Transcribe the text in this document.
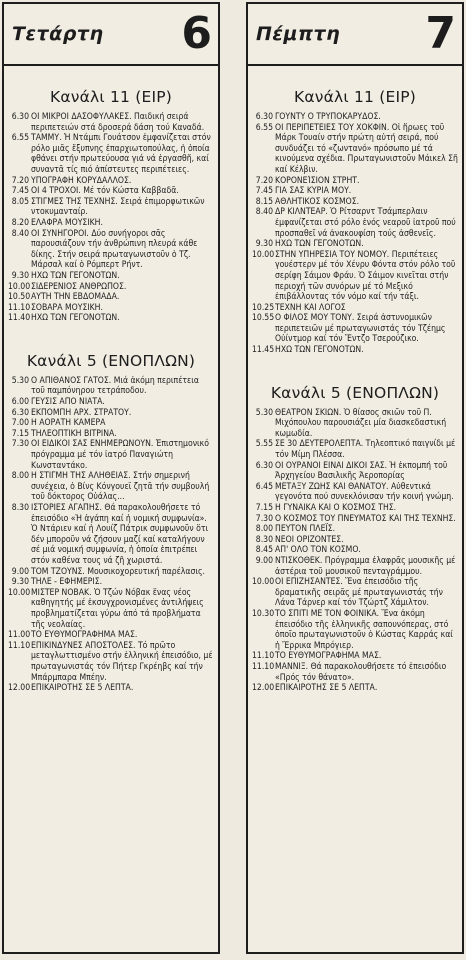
Τετάρτη 6
Κανάλι 11 (ΕΙΡ)
6.30 ΟΙ ΜΙΚΡΟΙ ΔΑΣΟΦΥΛΑΚΕΣ. Παιδική σειρά περιπετειών στά δροσερά δάση τού Καναδά.
6.55 ΤΑΜΜΥ. Ἡ Ντάμπι Γουάτσον ἐμφανίζεται στόν ρόλο μιᾶς ἔξυπνης ἐπαρχιωτοπούλας, ἡ ὁποία φθάνει στήν πρωτεύουσα γιά νά ἐργασθῆ, καί συναντᾶ τίς πιό ἀπίστευτες περιπέτειες.
7.20 ΥΠΟΓΡΑΦΗ ΚΟΡΥΔΑΛΛΟΣ.
7.45 ΟΙ 4 ΤΡΟΧΟΙ. Μέ τόν Κώστα Καββαδᾶ.
8.05 ΣΤΙΓΜΕΣ ΤΗΣ ΤΕΧΝΗΣ. Σειρά ἐπιμορφωτικῶν ντοκυμανταίρ.
8.20 ΕΛΑΦΡΑ ΜΟΥΣΙΚΗ.
8.40 ΟΙ ΣΥΝΗΓΟΡΟΙ. Δύο συνήγοροι σᾶς παρουσιάζουν τήν ἀνθρώπινη πλευρά κάθε δίκης. Στήν σειρά πρωταγωνιστοῦν ὁ Τζ. Μάρσαλ καί ὁ Ρόμπερτ Ρήντ.
9.30 ΗΧΩ ΤΩΝ ΓΕΓΟΝΟΤΩΝ.
10.00 ΣΙΔΕΡΕΝΙΟΣ ΑΝΘΡΩΠΟΣ.
10.50 ΑΥΤΗ ΤΗΝ ΕΒΔΟΜΑΔΑ.
11.10 ΣΟΒΑΡΑ ΜΟΥΣΙΚΗ.
11.40 ΗΧΩ ΤΩΝ ΓΕΓΟΝΟΤΩΝ.
Κανάλι 5 (ΕΝΟΠΛΩΝ)
5.30 Ο ΑΠΙΘΑΝΟΣ ΓΑΤΟΣ. Μιά ἀκόμη περιπέτεια τοῦ παμπόνηρου τετράποδου.
6.00 ΓΕΥΣΙΣ ΑΠΟ ΝΙΑΤΑ.
6.30 ΕΚΠΟΜΠΗ ΑΡΧ. ΣΤΡΑΤΟΥ.
7.00 Η ΑΟΡΑΤΗ ΚΑΜΕΡΑ
7.15 ΤΗΛΕΟΠΤΙΚΗ ΒΙΤΡΙΝΑ.
7.30 ΟΙ ΕΙΔΙΚΟΙ ΣΑΣ ΕΝΗΜΕΡΩΝΟΥΝ. Ἐπιστημονικό πρόγραμμα μέ τόν ἰατρό Παναγιώτη Κωνσταντάκο.
8.00 Η ΣΤΙΓΜΗ ΤΗΣ ΑΛΗΘΕΙΑΣ. Στήν σημερινή συνέχεια, ὁ Βίνς Κόνγουεϊ ζητᾶ τήν συμβουλή τοῦ δόκτορος Οὐάλας...
8.30 ΙΣΤΟΡΙΕΣ ΑΓΑΠΗΣ. Θά παρακολουθήσετε τό ἐπεισόδιο «Ἡ ἀγάπη καί ἡ νομική συμφωνία». Ὁ Ντάριεν καί ἡ Λουίζ Πάτρικ συμφωνοῦν ὅτι δέν μποροῦν νά ζήσουν μαζί καί καταλήγουν σέ μιά νομική συμφωνία, ἡ ὁποία ἐπιτρέπει στόν καθένα τους νά ζῆ χωριστά.
9.00 ΤΟΜ ΤΖΟΥΝΣ. Μουσικοχορευτική παρέλασις.
9.30 ΤΗΛΕ - ΕΦΗΜΕΡΙΣ.
10.00 ΜΙΣΤΕΡ ΝΟΒΑΚ. Ὁ Τζών Νόβακ ἕνας νέος καθηγητής μέ ἐκσυγχρονισμένες ἀντιλήψεις προβληματίζεται γύρω ἀπό τά προβλήματα τῆς νεολαίας.
11.00 ΤΟ ΕΥΘΥΜΟΓΡΑΦΗΜΑ ΜΑΣ.
11.10 ΕΠΙΚΙΝΔΥΝΕΣ ΑΠΟΣΤΟΛΕΣ. Τό πρῶτο μεταγλωττισμένο στήν ἑλληνική ἐπεισόδιο, μέ πρωταγωνιστάς τόν Πήτερ Γκρέηβς καί τήν Μπάρμπαρα Μπέην.
12.00 ΕΠΙΚΑΙΡΟΤΗΣ ΣΕ 5 ΛΕΠΤΑ.
Πέμπτη 7
Κανάλι 11 (ΕΙΡ)
6.30 ΓΟΥΝΤΥ Ο ΤΡΥΠΟΚΑΡΥΔΟΣ.
6.55 ΟΙ ΠΕΡΙΠΕΤΕΙΕΣ ΤΟΥ ΧΟΚΦΙΝ. Οἱ ἥρωες τοῦ Μάρκ Τουαίν στήν πρώτη αὐτή σειρά, πού συνδυάζει τό «ζωντανό» πρόσωπο μέ τά κινούμενα σχέδια. Πρωταγωνιστοῦν Μάικελ Σῆ καί Κέλβιν.
7.20 ΚΟΡΟΝΕΊΣΙΟΝ ΣΤΡΗΤ.
7.45 ΓΙΑ ΣΑΣ ΚΥΡΙΑ ΜΟΥ.
8.15 ΑΘΛΗΤΙΚΟΣ ΚΟΣΜΟΣ.
8.40 ΔΡ ΚΙΛΝΤΕΑΡ. Ὁ Ρίτσαρντ Τσάμπερλαιν ἐμφανίζεται στό ρόλο ἑνός νεαροῦ ἰατροῦ πού προσπαθεῖ νά ἀνακουφίση τούς ἀσθενεῖς.
9.30 ΗΧΩ ΤΩΝ ΓΕΓΟΝΟΤΩΝ.
10.00 ΣΤΗΝ ΥΠΗΡΕΣΙΑ ΤΟΥ ΝΟΜΟΥ. Περιπέτειες γουέστερν μέ τόν Χένρυ Φόντα στόν ρόλο τοῦ σερίφη Σάιμον Φράυ. Ὁ Σάιμον κινεῖται στήν περιοχή τῶν συνόρων μέ τό Μεξικό ἐπιβάλλοντας τόν νόμο καί τήν τάξι.
10.25 ΤΕΧΝΗ ΚΑΙ ΛΟΓΟΣ
10.55 Ο ΦΙΛΟΣ ΜΟΥ ΤΟΝΥ. Σειρά ἀστυνομικῶν περιπετειῶν μέ πρωταγωνιστάς τόν Τζέημς Οὐίντμορ καί τόν Ἔντζο Τσερούζικο.
11.45 ΗΧΩ ΤΩΝ ΓΕΓΟΝΟΤΩΝ.
Κανάλι 5 (ΕΝΟΠΛΩΝ)
5.30 ΘΕΑΤΡΟΝ ΣΚΙΩΝ. Ὁ θίασος σκιῶν τοῦ Π. Μιχόπουλου παρουσιάζει μία διασκεδαστική κωμωδία.
5.55 ΣΕ 30 ΔΕΥΤΕΡΟΛΕΠΤΑ. Τηλεοπτικό παιγνίδι μέ τόν Μίμη Πλέσσα.
6.30 ΟΙ ΟΥΡΑΝΟΙ ΕΙΝΑΙ ΔΙΚΟΙ ΣΑΣ. Ἡ ἐκπομπή τοῦ Ἀρχηγείου Βασιλικῆς Ἀεροπορίας
6.45 ΜΕΤΑΞΥ ΖΩΗΣ ΚΑΙ ΘΑΝΑΤΟΥ. Αὐθεντικά γεγονότα πού συνεκλόνισαν τήν κοινή γνώμη.
7.15 Η ΓΥΝΑΙΚΑ ΚΑΙ Ο ΚΟΣΜΟΣ ΤΗΣ.
7.30 Ο ΚΟΣΜΟΣ ΤΟΥ ΠΝΕΥΜΑΤΟΣ ΚΑΙ ΤΗΣ ΤΕΧΝΗΣ.
8.00 ΠΕΥΤΟΝ ΠΛΕΪΣ.
8.30 ΝΕΟΙ ΟΡΙΖΟΝΤΕΣ.
8.45 ΑΠ' ΟΛΟ ΤΟΝ ΚΟΣΜΟ.
9.00 ΝΤΙΣΚΟΘΕΚ. Πρόγραμμα ἐλαφρᾶς μουσικῆς μέ ἀστέρια τοῦ μουσικοῦ πενταγράμμου.
10.00 ΟΙ ΕΠΙΖΗΣΑΝΤΕΣ. Ἕνα ἐπεισόδιο τῆς δραματικῆς σειρᾶς μέ πρωταγωνιστάς τήν Λάνα Τάρνερ καί τόν Τζώρτζ Χάμιλτον.
10.30 ΤΟ ΣΠΙΤΙ ΜΕ ΤΟΝ ΦΟΙΝΙΚΑ. Ἕνα ἀκόμη ἐπεισόδιο τῆς ἑλληνικῆς σαπουνόπερας, στό ὁποῖο πρωταγωνιστοῦν ὁ Κώστας Καρράς καί ἡ Ἔρρικα Μπρόγιερ.
11.10 ΤΟ ΕΥΘΥΜΟΓΡΑΦΗΜΑ ΜΑΣ.
11.10 ΜΑΝΝΙΞ. Θά παρακολουθήσετε τό ἐπεισόδιο «Πρός τόν θάνατο».
12.00 ΕΠΙΚΑΙΡΟΤΗΣ ΣΕ 5 ΛΕΠΤΑ.
